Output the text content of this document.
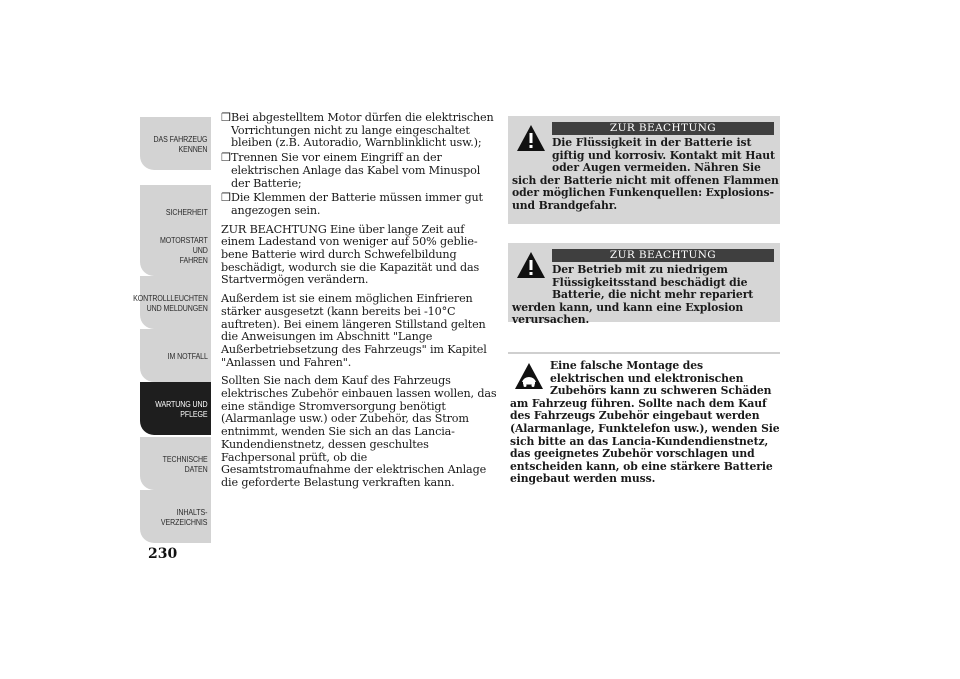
DAS FAHRZEUG
KENNEN
SICHERHEIT
MOTORSTART UND
FAHREN
KONTROLLLEUCHTEN
UND MELDUNGEN
IM NOTFALL
WARTUNG UND
PFLEGE
TECHNISCHE
DATEN
INHALTS-
VERZEICHNIS
230
❒ Bei abgestelltem Motor dürfen die elektrischen Vorrichtungen nicht zu lange eingeschaltet bleiben (z.B. Autoradio, Warnblinklicht usw.);
❒ Trennen Sie vor einem Eingriff an der elektrischen Anlage das Kabel vom Minuspol der Batterie;
❒ Die Klemmen der Batterie müssen immer gut angezogen sein.
ZUR BEACHTUNG Eine über lange Zeit auf einem Ladestand von weniger auf 50% gebliebene Batterie wird durch Schwefelbildung beschädigt, wodurch sie die Kapazität und das Startvermögen verändern.
Außerdem ist sie einem möglichen Einfrieren stärker ausgesetzt (kann bereits bei -10°C auftreten). Bei einem längeren Stillstand gelten die Anweisungen im Abschnitt "Lange Außerbetriebsetzung des Fahrzeugs" im Kapitel "Anlassen und Fahren".
Sollten Sie nach dem Kauf des Fahrzeugs elektrisches Zubehör einbauen lassen wollen, das eine ständige Stromversorgung benötigt (Alarmanlage usw.) oder Zubehör, das Strom entnimmt, wenden Sie sich an das Lancia-Kundendienstnetz, dessen geschultes Fachpersonal prüft, ob die Gesamtstromaufnahme der elektrischen Anlage die geforderte Belastung verkraften kann.
ZUR BEACHTUNG
Die Flüssigkeit in der Batterie ist giftig und korrosiv. Kontakt mit Haut oder Augen vermeiden. Nähren Sie sich der Batterie nicht mit offenen Flammen oder möglichen Funkenquellen: Explosions- und Brandgefahr.
ZUR BEACHTUNG
Der Betrieb mit zu niedrigem Flüssigkeitsstand beschädigt die Batterie, die nicht mehr repariert werden kann, und kann eine Explosion verursachen.
Eine falsche Montage des elektrischen und elektronischen Zubehörs kann zu schweren Schäden am Fahrzeug führen. Sollte nach dem Kauf des Fahrzeugs Zubehör eingebaut werden (Alarmanlage, Funktelefon usw.), wenden Sie sich bitte an das Lancia-Kundendienstnetz, das geeignetes Zubehör vorschlagen und entscheiden kann, ob eine stärkere Batterie eingebaut werden muss.
